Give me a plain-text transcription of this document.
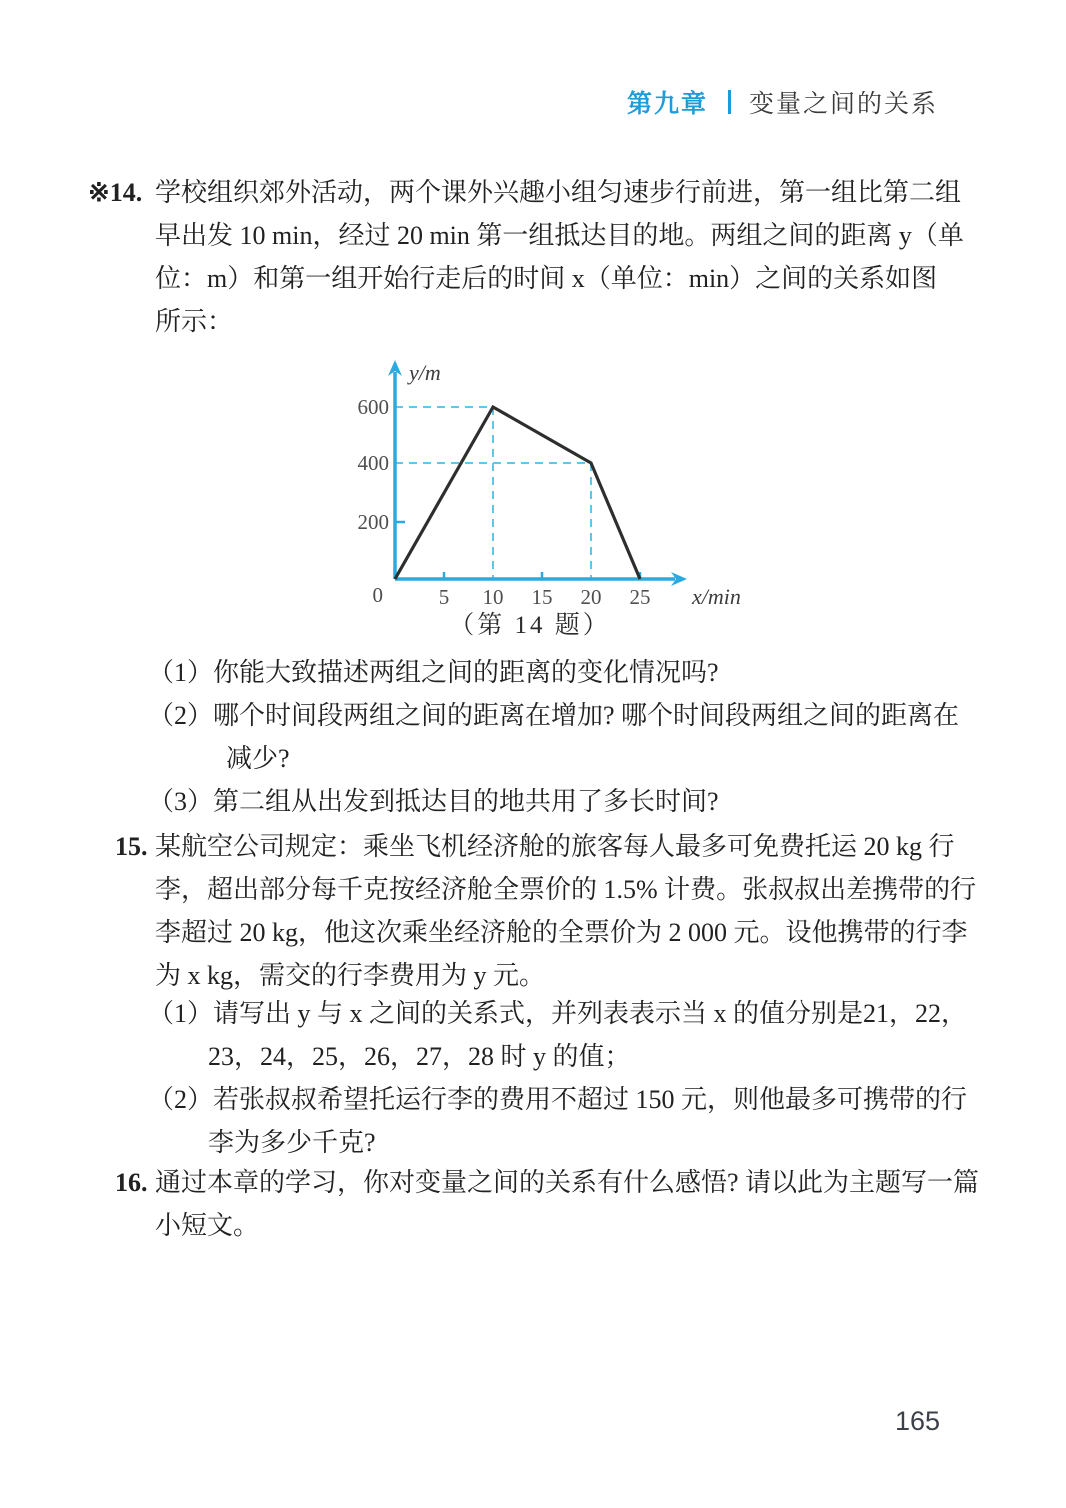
第九章 变量之间的关系
※14. 学校组织郊外活动，两个课外兴趣小组匀速步行前进，第一组比第二组
早出发 10 min，经过 20 min 第一组抵达目的地。两组之间的距离 y（单
位：m）和第一组开始行走后的时间 x（单位：min）之间的关系如图
所示：
600
400
200
0	5 10 15 20 25
y/m
x/min
（第 14 题）
（1）你能大致描述两组之间的距离的变化情况吗?
（2）哪个时间段两组之间的距离在增加? 哪个时间段两组之间的距离在
减少?
（3）第二组从出发到抵达目的地共用了多长时间?
15. 某航空公司规定：乘坐飞机经济舱的旅客每人最多可免费托运 20 kg 行
李，超出部分每千克按经济舱全票价的 1.5% 计费。张叔叔出差携带的行
李超过 20 kg，他这次乘坐经济舱的全票价为 2 000 元。设他携带的行李
为 x kg，需交的行李费用为 y 元。
（1）请写出 y 与 x 之间的关系式，并列表表示当 x 的值分别是21，22，
23，24，25，26，27，28 时 y 的值；
（2）若张叔叔希望托运行李的费用不超过 150 元，则他最多可携带的行
李为多少千克?
16. 通过本章的学习，你对变量之间的关系有什么感悟? 请以此为主题写一篇
小短文。
165
